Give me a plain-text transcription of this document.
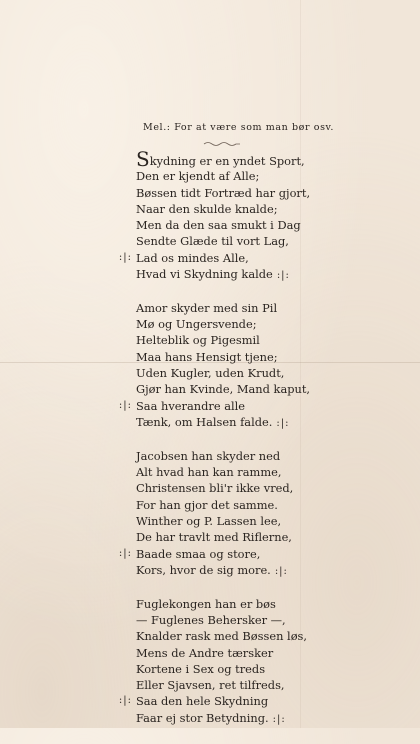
Mel.: For at være som man bør osv.
Skydning er en yndet Sport,
Den er kjendt af Alle;
Bøssen tidt Fortræd har gjort,
Naar den skulde knalde;
Men da den saa smukt i Dag
Sendte Glæde til vort Lag,
:|: Lad os mindes Alle,
Hvad vi Skydning kalde :|:
Amor skyder med sin Pil
Mø og Ungersvende;
Helteblik og Pigesmil
Maa hans Hensigt tjene;
Uden Kugler, uden Krudt,
Gjør han Kvinde, Mand kaput,
:|: Saa hverandre alle
Tænk, om Halsen falde. :|:
Jacobsen han skyder ned
Alt hvad han kan ramme,
Christensen bli'r ikke vred,
For han gjor det samme.
Winther og P. Lassen lee,
De har travlt med Riflerne,
:|: Baade smaa og store,
Kors, hvor de sig more. :|:
Fuglekongen han er bøs
— Fuglenes Behersker —,
Knalder rask med Bøssen løs,
Mens de Andre tærsker
Kortene i Sex og treds
Eller Sjavsen, ret tilfreds,
:|: Saa den hele Skydning
Faar ej stor Betydning. :|:
